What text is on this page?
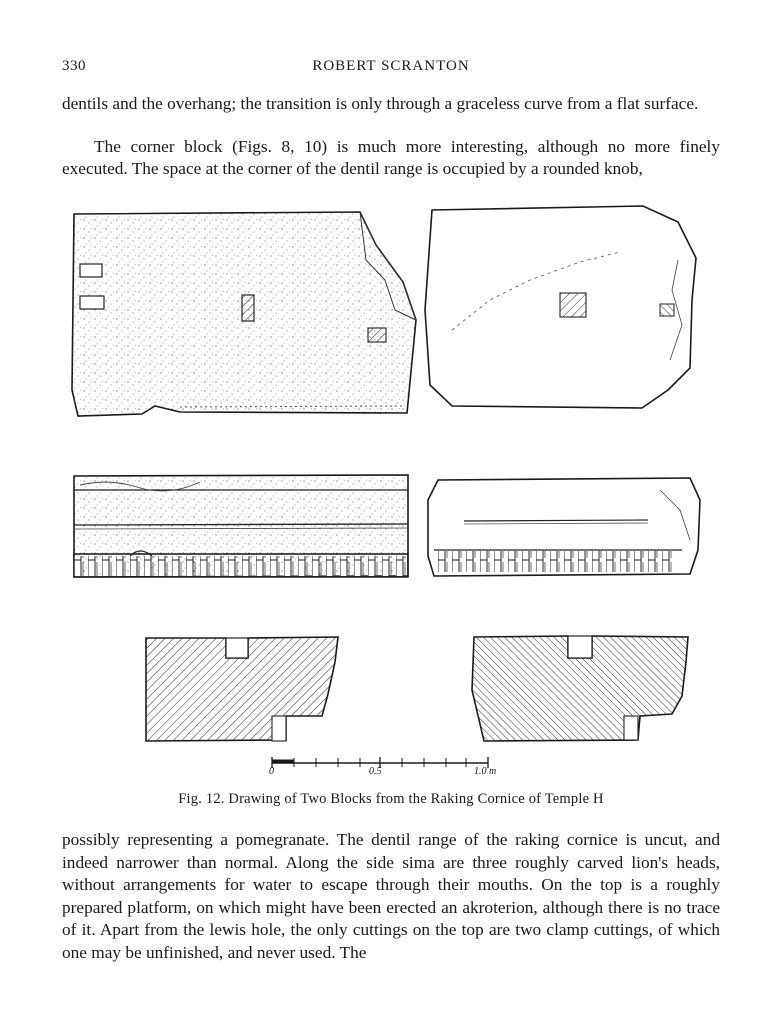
330	ROBERT SCRANTON

dentils and the overhang; the transition is only through a graceless curve from a flat surface.

The corner block (Figs. 8, 10) is much more interesting, although no more finely executed. The space at the corner of the dentil range is occupied by a rounded knob,

0	0.5	1.0 m
Fig. 12. Drawing of Two Blocks from the Raking Cornice of Temple H

possibly representing a pomegranate. The dentil range of the raking cornice is uncut, and indeed narrower than normal. Along the side sima are three roughly carved lion's heads, without arrangements for water to escape through their mouths. On the top is a roughly prepared platform, on which might have been erected an akroterion, although there is no trace of it. Apart from the lewis hole, the only cuttings on the top are two clamp cuttings, of which one may be unfinished, and never used. The
